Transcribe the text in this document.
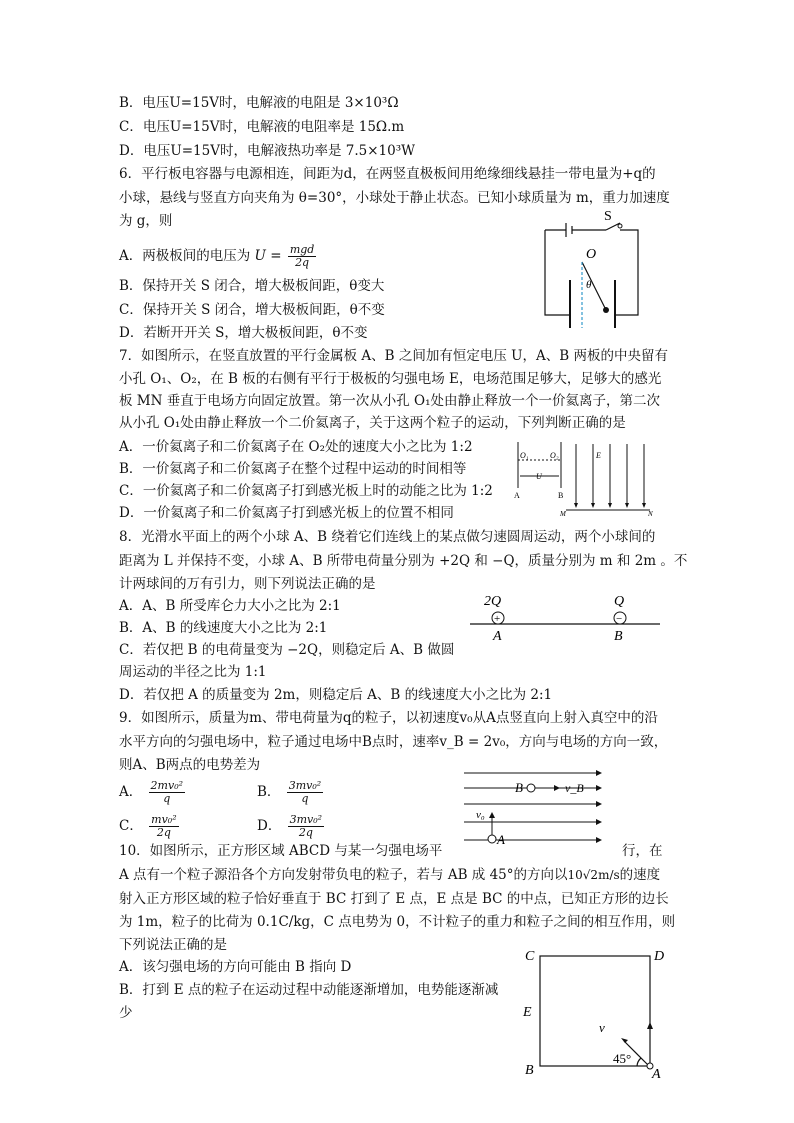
B．电压U=15V时，电解液的电阻是 3×10³Ω
C．电压U=15V时，电解液的电阻率是 15Ω.m
D．电压U=15V时，电解液热功率是 7.5×10³W
6．平行板电容器与电源相连，间距为d，在两竖直极板间用绝缘细线悬挂一带电量为+q的
小球，悬线与竖直方向夹角为 θ=30°，小球处于静止状态。已知小球质量为 m，重力加速度
为 g，则
A．两极板间的电压为 $U = \frac{\text{mgd}}{2q}$
B．保持开关 S 闭合，增大极板间距，θ变大
C．保持开关 S 闭合，增大极板间距，θ不变
D．若断开开关 S，增大极板间距，θ不变
S
O
θ
7．如图所示，在竖直放置的平行金属板 A、B 之间加有恒定电压 U，A、B 两板的中央留有
小孔 O₁、O₂，在 B 板的右侧有平行于极板的匀强电场 E，电场范围足够大，足够大的感光
板 MN 垂直于电场方向固定放置。第一次从小孔 O₁处由静止释放一个一价氦离子，第二次
从小孔 O₁处由静止释放一个二价氦离子，关于这两个粒子的运动，下列判断正确的是
A．一价氦离子和二价氦离子在 O₂处的速度大小之比为 1:2
B．一价氦离子和二价氦离子在整个过程中运动的时间相等
C．一价氦离子和二价氦离子打到感光板上时的动能之比为 1:2
D．一价氦离子和二价氦离子打到感光板上的位置不相同
O₁	O₂
U
A	B
E
M	N
8．光滑水平面上的两个小球 A、B 绕着它们连线上的某点做匀速圆周运动，两个小球间的
距离为 L 并保持不变，小球 A、B 所带电荷量分别为 +2Q 和 −Q，质量分别为 m 和 2m 。不
计两球间的万有引力，则下列说法正确的是
A．A、B 所受库仑力大小之比为 2:1
B．A、B 的线速度大小之比为 2:1
C．若仅把 B 的电荷量变为 −2Q，则稳定后 A、B 做圆
周运动的半径之比为 1:1
D．若仅把 A 的质量变为 2m，则稳定后 A、B 的线速度大小之比为 2:1
+	−
2Q	Q
A	B
9．如图所示，质量为m、带电荷量为q的粒子，以初速度v₀从A点竖直向上射入真空中的沿
水平方向的匀强电场中，粒子通过电场中B点时，速率v_B = 2v₀，方向与电场的方向一致，
则A、B两点的电势差为
A． $\frac{\text{2mv₀²}}{q}$	B． $\frac{\text{3mv₀²}}{q}$
C． $\frac{\text{mv₀²}}{2q}$	D． $\frac{\text{3mv₀²}}{2q}$
B	v_B
v₀
A
10．如图所示，正方形区域 ABCD 与某一匀强电场平	行，在
A 点有一个粒子源沿各个方向发射带负电的粒子，若与 AB 成 45°的方向以10√2m/s的速度
射入正方形区域的粒子恰好垂直于 BC 打到了 E 点，E 点是 BC 的中点，已知正方形的边长
为 1m，粒子的比荷为 0.1C/kg，C 点电势为 0，不计粒子的重力和粒子之间的相互作用，则
下列说法正确的是
A．该匀强电场的方向可能由 B 指向 D
B．打到 E 点的粒子在运动过程中动能逐渐增加，电势能逐渐减
少
C	D
E
B	A
v
45°
